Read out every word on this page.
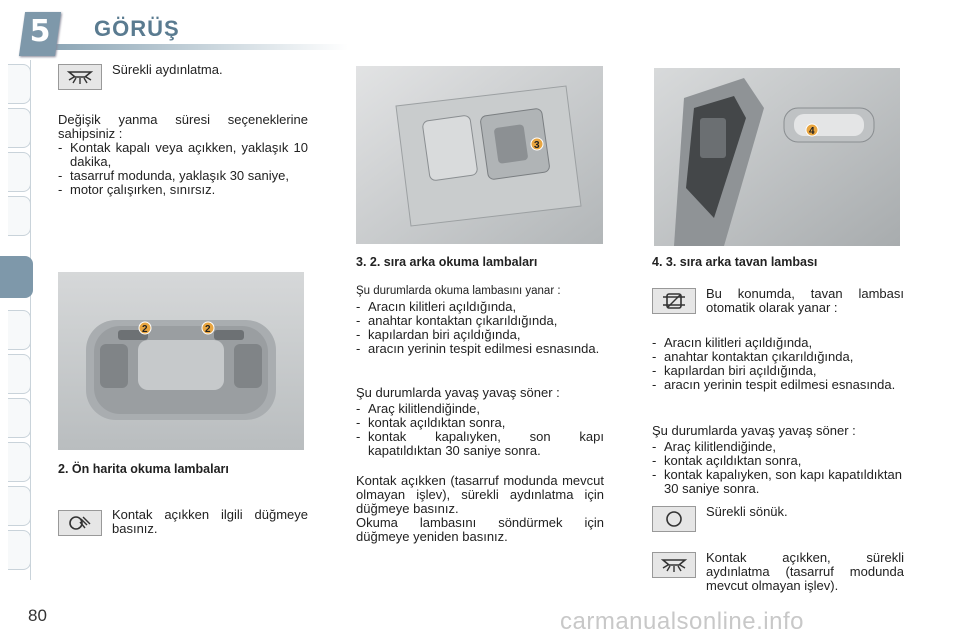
5	GÖRÜŞ
Sürekli aydınlatma.
Değişik yanma süresi seçeneklerine sahipsiniz :
- Kontak kapalı veya açıkken, yaklaşık 10 dakika,
- tasarruf modunda, yaklaşık 30 saniye,
- motor çalışırken, sınırsız.
2	2
2. Ön harita okuma lambaları
Kontak açıkken ilgili düğmeye basınız.
3
3. 2. sıra arka okuma lambaları
Şu durumlarda okuma lambasını yanar :
- Aracın kilitleri açıldığında,
- anahtar kontaktan çıkarıldığında,
- kapılardan biri açıldığında,
- aracın yerinin tespit edilmesi esnasında.
Şu durumlarda yavaş yavaş söner :
- Araç kilitlendiğinde,
- kontak açıldıktan sonra,
- kontak kapalıyken, son kapı kapatıldıktan 30 saniye sonra.
Kontak açıkken (tasarruf modunda mevcut olmayan işlev), sürekli aydınlatma için düğmeye basınız.
Okuma lambasını söndürmek için düğmeye yeniden basınız.
4
4. 3. sıra arka tavan lambası
Bu konumda, tavan lambası otomatik olarak yanar :
- Aracın kilitleri açıldığında,
- anahtar kontaktan çıkarıldığında,
- kapılardan biri açıldığında,
- aracın yerinin tespit edilmesi esnasında.
Şu durumlarda yavaş yavaş söner :
- Araç kilitlendiğinde,
- kontak açıldıktan sonra,
- kontak kapalıyken, son kapı kapatıldıktan 30 saniye sonra.
Sürekli sönük.
Kontak açıkken, sürekli aydınlatma (tasarruf modunda mevcut olmayan işlev).
80	carmanualsonline.info
